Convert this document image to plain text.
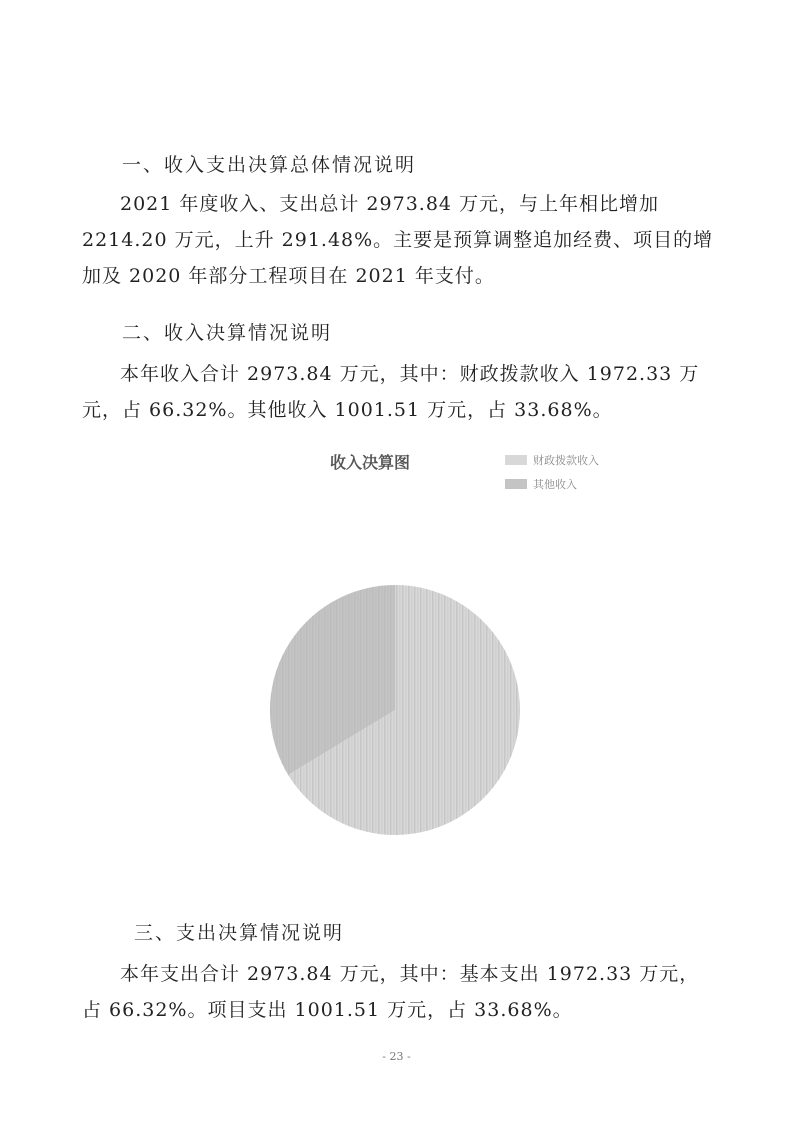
一、收入支出决算总体情况说明
2021 年度收入、支出总计 2973.84 万元，与上年相比增加
2214.20 万元，上升 291.48%。主要是预算调整追加经费、项目的增
加及 2020 年部分工程项目在 2021 年支付。
二、收入决算情况说明
本年收入合计 2973.84 万元，其中：财政拨款收入 1972.33 万
元，占 66.32%。其他收入 1001.51 万元，占 33.68%。
收入决算图	财政拨款收入
其他收入
三、支出决算情况说明
本年支出合计 2973.84 万元，其中：基本支出 1972.33 万元，
占 66.32%。项目支出 1001.51 万元，占 33.68%。
- 23 -
